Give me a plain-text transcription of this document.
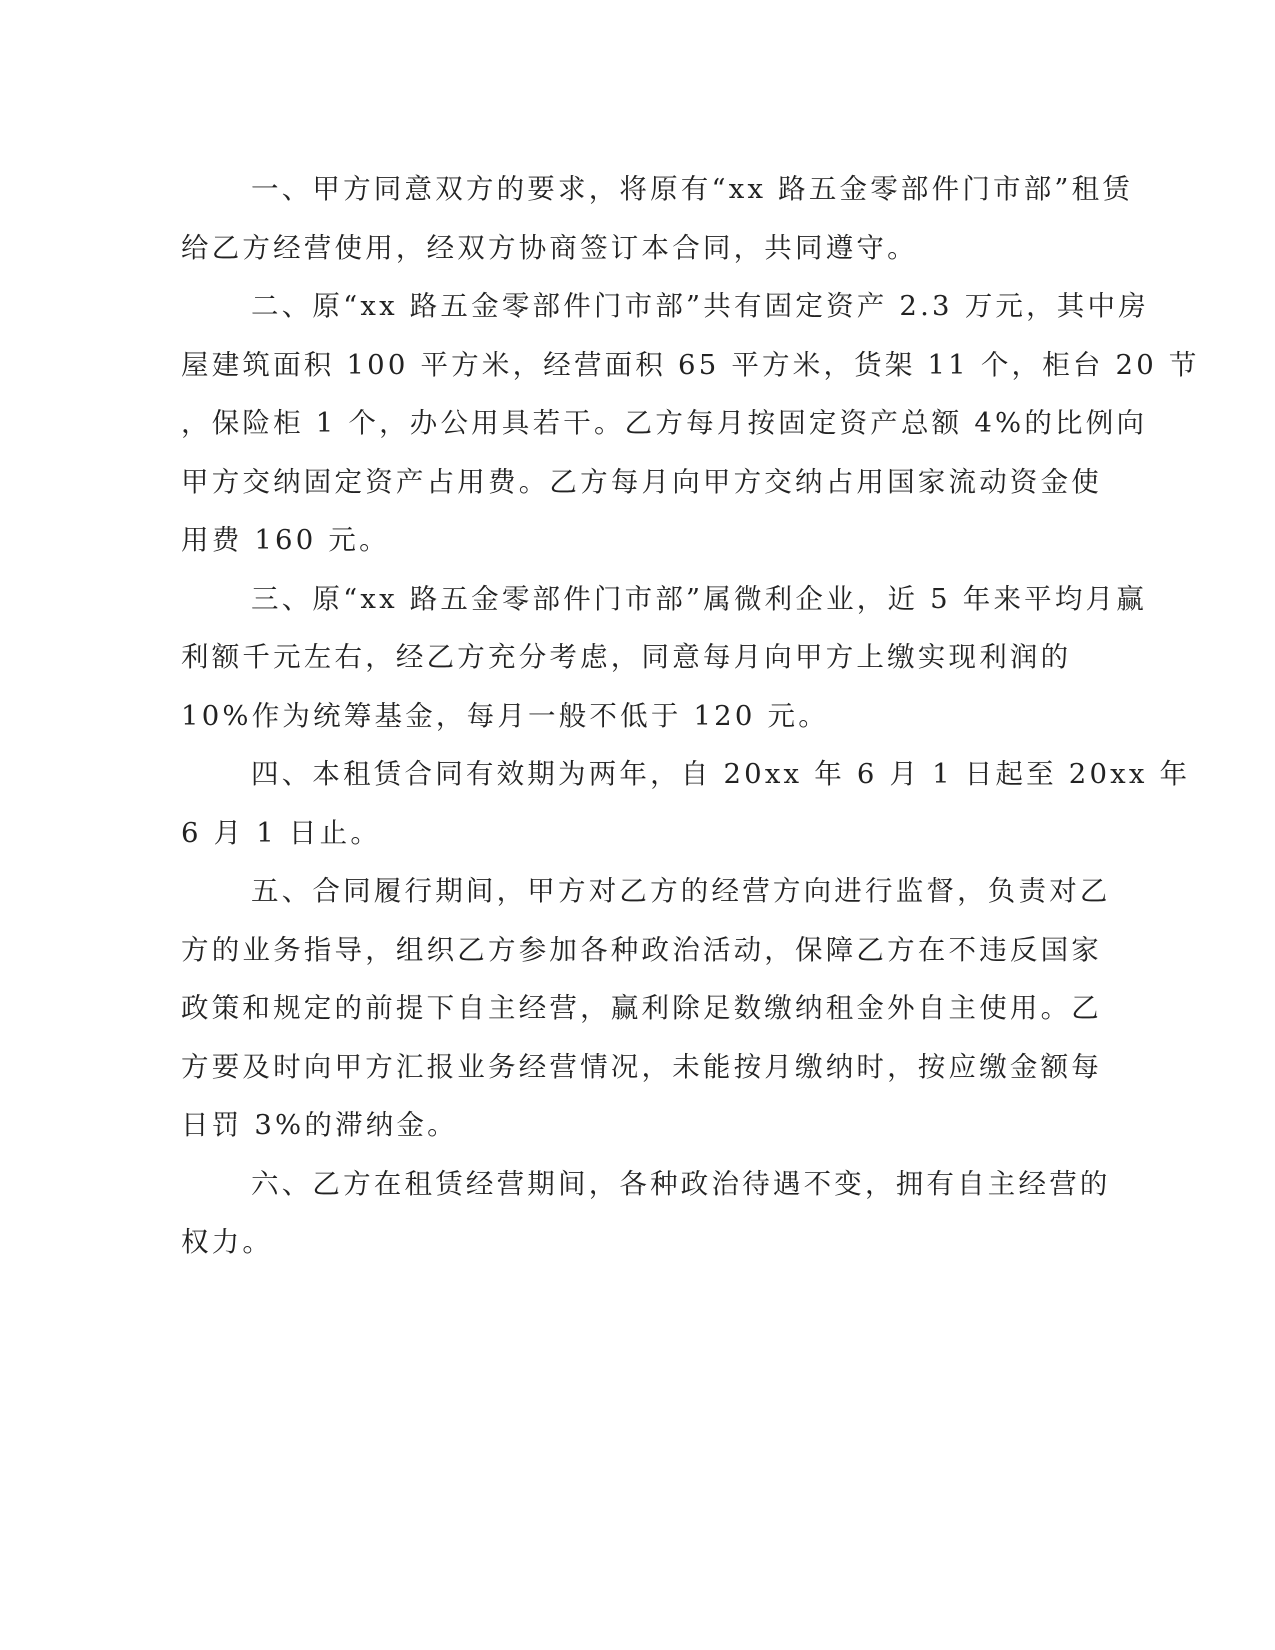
一、甲方同意双方的要求，将原有“xx 路五金零部件门市部”租赁
给乙方经营使用，经双方协商签订本合同，共同遵守。
二、原“xx 路五金零部件门市部”共有固定资产 2.3 万元，其中房
屋建筑面积 100 平方米，经营面积 65 平方米，货架 11 个，柜台 20 节
，保险柜 1 个，办公用具若干。乙方每月按固定资产总额 4%的比例向
甲方交纳固定资产占用费。乙方每月向甲方交纳占用国家流动资金使
用费 160 元。
三、原“xx 路五金零部件门市部”属微利企业，近 5 年来平均月赢
利额千元左右，经乙方充分考虑，同意每月向甲方上缴实现利润的
10%作为统筹基金，每月一般不低于 120 元。
四、本租赁合同有效期为两年，自 20xx 年 6 月 1 日起至 20xx 年
6 月 1 日止。
五、合同履行期间，甲方对乙方的经营方向进行监督，负责对乙
方的业务指导，组织乙方参加各种政治活动，保障乙方在不违反国家
政策和规定的前提下自主经营，赢利除足数缴纳租金外自主使用。乙
方要及时向甲方汇报业务经营情况，未能按月缴纳时，按应缴金额每
日罚 3%的滞纳金。
六、乙方在租赁经营期间，各种政治待遇不变，拥有自主经营的
权力。
